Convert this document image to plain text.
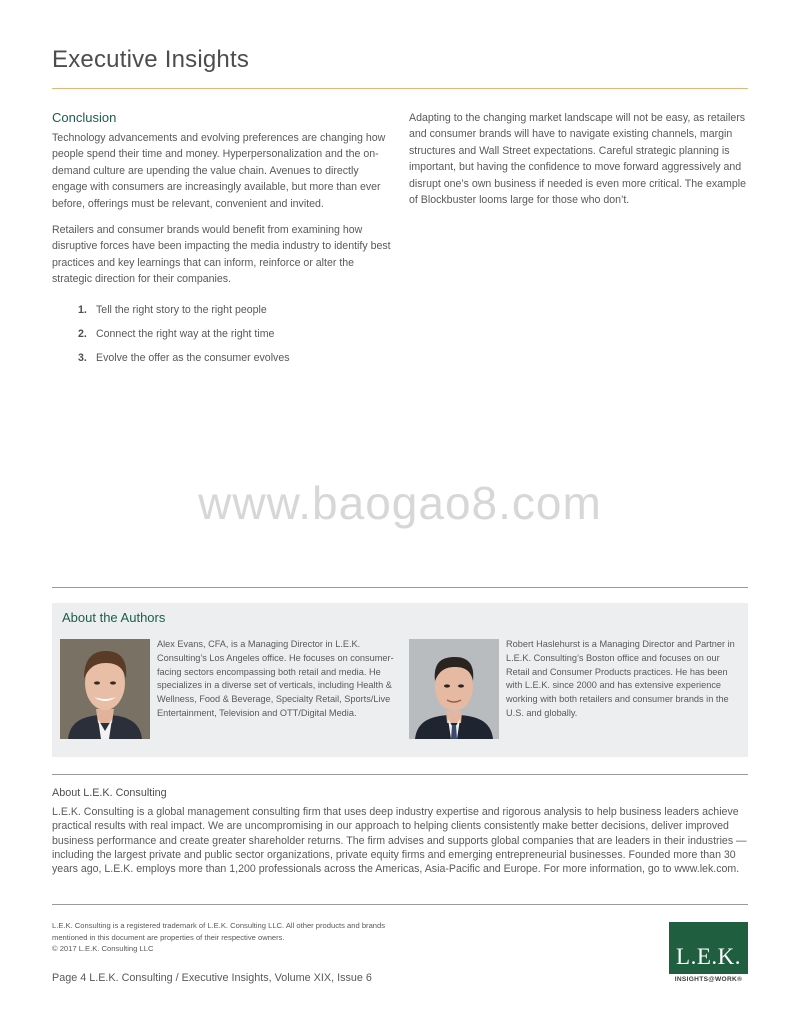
Executive Insights
Conclusion

Technology advancements and evolving preferences are changing how people spend their time and money. Hyperpersonalization and the on-demand culture are upending the value chain. Avenues to directly engage with consumers are increasingly available, but more than ever before, offerings must be relevant, convenient and invited.

Retailers and consumer brands would benefit from examining how disruptive forces have been impacting the media industry to identify best practices and key learnings that can inform, reinforce or alter the strategic direction for their companies.

1. Tell the right story to the right people
2. Connect the right way at the right time
3. Evolve the offer as the consumer evolves

Adapting to the changing market landscape will not be easy, as retailers and consumer brands will have to navigate existing channels, margin structures and Wall Street expectations. Careful strategic planning is important, but having the confidence to move forward aggressively and disrupt one’s own business if needed is even more critical. The example of Blockbuster looms large for those who don’t.

www.baogao8.com
About the Authors
Alex Evans, CFA, is a Managing Director in L.E.K. Consulting’s Los Angeles office. He focuses on consumer-facing sectors encompassing both retail and media. He specializes in a diverse set of verticals, including Health & Wellness, Food & Beverage, Specialty Retail, Sports/Live Entertainment, Television and OTT/Digital Media.
Robert Haslehurst is a Managing Director and Partner in L.E.K. Consulting’s Boston office and focuses on our Retail and Consumer Products practices. He has been with L.E.K. since 2000 and has extensive experience working with both retailers and consumer brands in the U.S. and globally.
About L.E.K. Consulting
L.E.K. Consulting is a global management consulting firm that uses deep industry expertise and rigorous analysis to help business leaders achieve practical results with real impact. We are uncompromising in our approach to helping clients consistently make better decisions, deliver improved business performance and create greater shareholder returns. The firm advises and supports global companies that are leaders in their industries — including the largest private and public sector organizations, private equity firms and emerging entrepreneurial businesses. Founded more than 30 years ago, L.E.K. employs more than 1,200 professionals across the Americas, Asia-Pacific and Europe. For more information, go to www.lek.com.
L.E.K. Consulting is a registered trademark of L.E.K. Consulting LLC. All other products and brands mentioned in this document are properties of their respective owners.
© 2017 L.E.K. Consulting LLC
Page 4 L.E.K. Consulting / Executive Insights, Volume XIX, Issue 6
L.E.K.
INSIGHTS@WORK®
